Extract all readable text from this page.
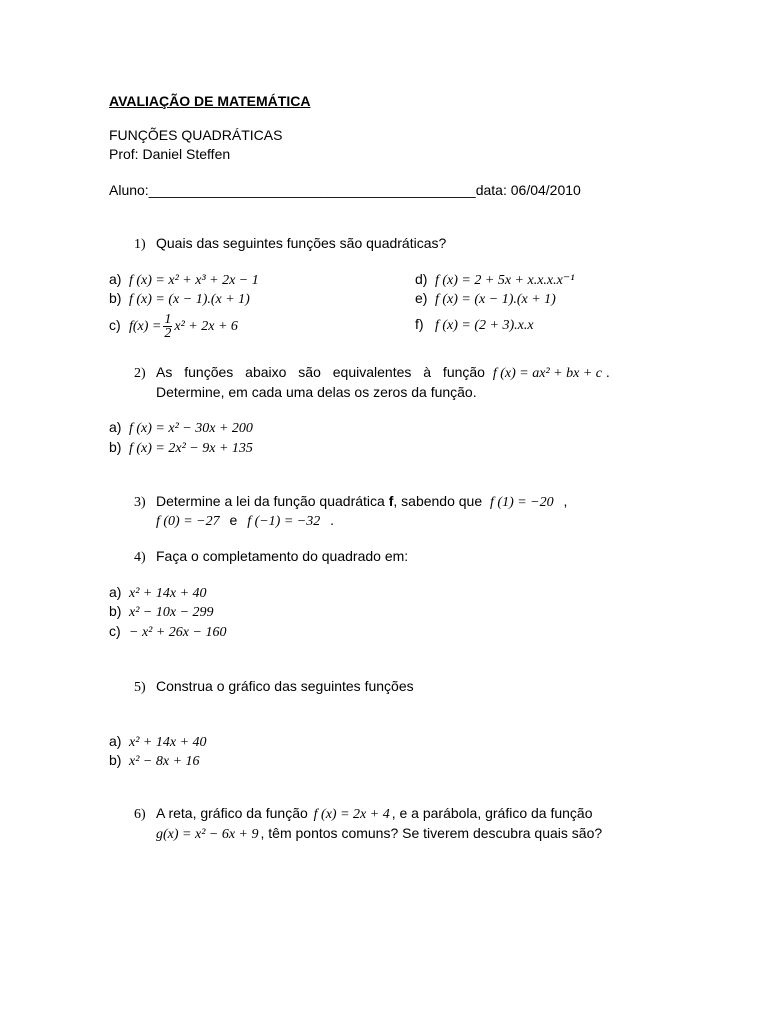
AVALIAÇÃO DE MATEMÁTICA
FUNÇÕES QUADRÁTICAS
Prof: Daniel Steffen
Aluno:__________________________________________data: 06/04/2010
1) Quais das seguintes funções são quadráticas?
a) f (x) = x² + x³ + 2x − 1
b) f (x) = (x − 1).(x + 1)
c) $f(x) = \frac{1}{2} x^2 + 2x + 6$
d) f (x) = 2 + 5x + x.x.x.x⁻¹
e) f (x) = (x − 1).(x + 1)
f) f (x) = (2 + 3).x.x
2) As funções abaixo são equivalentes à função f (x) = ax² + bx + c .
Determine, em cada uma delas os zeros da função.
a) f (x) = x² − 30x + 200
b) f (x) = 2x² − 9x + 135
3) Determine a lei da função quadrática f, sabendo que f (1) = −20 ,
f (0) = −27 e f (−1) = −32 .
4) Faça o completamento do quadrado em:
a) x² + 14x + 40
b) x² − 10x − 299
c) − x² + 26x − 160
5) Construa o gráfico das seguintes funções
a) x² + 14x + 40
b) x² − 8x + 16
6) A reta, gráfico da função f (x) = 2x + 4 , e a parábola, gráfico da função
g(x) = x² − 6x + 9 , têm pontos comuns? Se tiverem descubra quais são?
